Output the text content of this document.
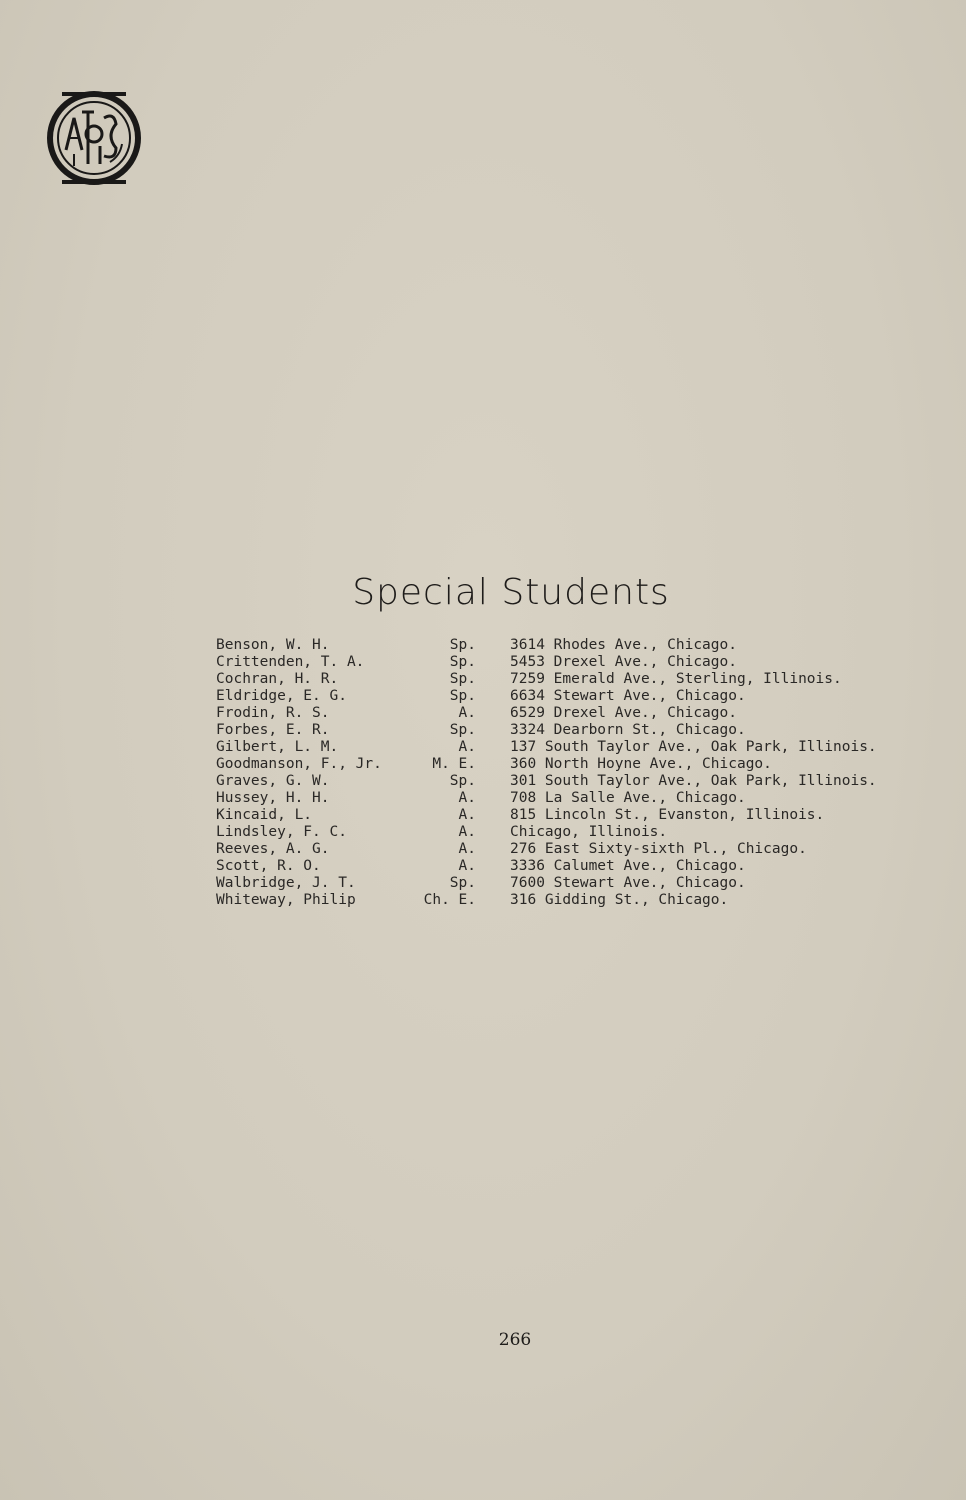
Special Students
Benson, W. H.	Sp. 3614 Rhodes Ave., Chicago.
Crittenden, T. A.	Sp. 5453 Drexel Ave., Chicago.
Cochran, H. R.	Sp. 7259 Emerald Ave., Sterling, Illinois.
Eldridge, E. G.	Sp. 6634 Stewart Ave., Chicago.
Frodin, R. S.	A. 6529 Drexel Ave., Chicago.
Forbes, E. R.	Sp. 3324 Dearborn St., Chicago.
Gilbert, L. M.	A. 137 South Taylor Ave., Oak Park, Illinois.
Goodmanson, F., Jr.	M. E. 360 North Hoyne Ave., Chicago.
Graves, G. W.	Sp. 301 South Taylor Ave., Oak Park, Illinois.
Hussey, H. H.	A. 708 La Salle Ave., Chicago.
Kincaid, L.	A. 815 Lincoln St., Evanston, Illinois.
Lindsley, F. C.	A. Chicago, Illinois.
Reeves, A. G.	A. 276 East Sixty-sixth Pl., Chicago.
Scott, R. O.	A. 3336 Calumet Ave., Chicago.
Walbridge, J. T.	Sp. 7600 Stewart Ave., Chicago.
Whiteway, Philip	Ch. E. 316 Gidding St., Chicago.
266
